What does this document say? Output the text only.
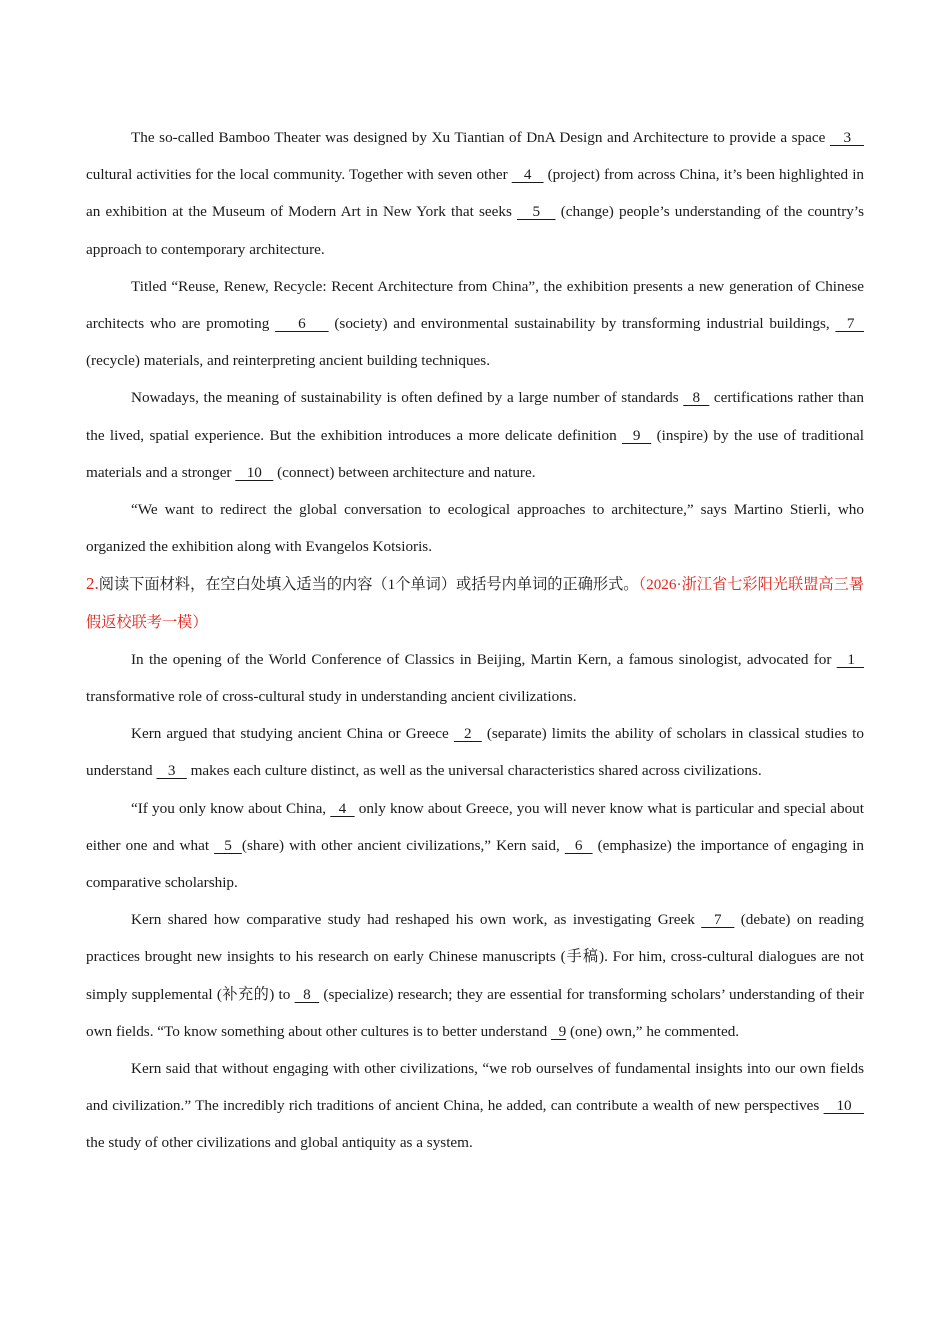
The so-called Bamboo Theater was designed by Xu Tiantian of DnA Design and Architecture to provide a space    3    cultural activities for the local community. Together with seven other    4    (project) from across China, it’s been highlighted in an exhibition at the Museum of Modern Art in New York that seeks    5    (change) people’s understanding of the country’s approach to contemporary architecture.

Titled “Reuse, Renew, Recycle: Recent Architecture from China”, the exhibition presents a new generation of Chinese architects who are promoting     6     (society) and environmental sustainability by transforming industrial buildings,   7   (recycle) materials, and reinterpreting ancient building techniques.

Nowadays, the meaning of sustainability is often defined by a large number of standards   8   certifications rather than the lived, spatial experience. But the exhibition introduces a more delicate definition   9   (inspire) by the use of traditional materials and a stronger    10    (connect) between architecture and nature.

“We want to redirect the global conversation to ecological approaches to architecture,” says Martino Stierli, who organized the exhibition along with Evangelos Kotsioris.

2.阅读下面材料，在空白处填入适当的内容（1个单词）或括号内单词的正确形式。（2026·浙江省七彩阳光联盟高三暑假返校联考一模）

In the opening of the World Conference of Classics in Beijing, Martin Kern, a famous sinologist, advocated for   1   transformative role of cross-cultural study in understanding ancient civilizations.

Kern argued that studying ancient China or Greece   2   (separate) limits the ability of scholars in classical studies to understand    3    makes each culture distinct, as well as the universal characteristics shared across civilizations.

“If you only know about China,   4   only know about Greece, you will never know what is particular and special about either one and what   5  (share) with other ancient civilizations,” Kern said,   6   (emphasize) the importance of engaging in comparative scholarship.

Kern shared how comparative study had reshaped his own work, as investigating Greek   7   (debate) on reading practices brought new insights to his research on early Chinese manuscripts (手稿). For him, cross-cultural dialogues are not simply supplemental (补充的) to   8   (specialize) research; they are essential for transforming scholars’ understanding of their own fields. “To know something about other cultures is to better understand   9 (one) own,” he commented.

Kern said that without engaging with other civilizations, “we rob ourselves of fundamental insights into our own fields and civilization.” The incredibly rich traditions of ancient China, he added, can contribute a wealth of new perspectives    10    the study of other civilizations and global antiquity as a system.
